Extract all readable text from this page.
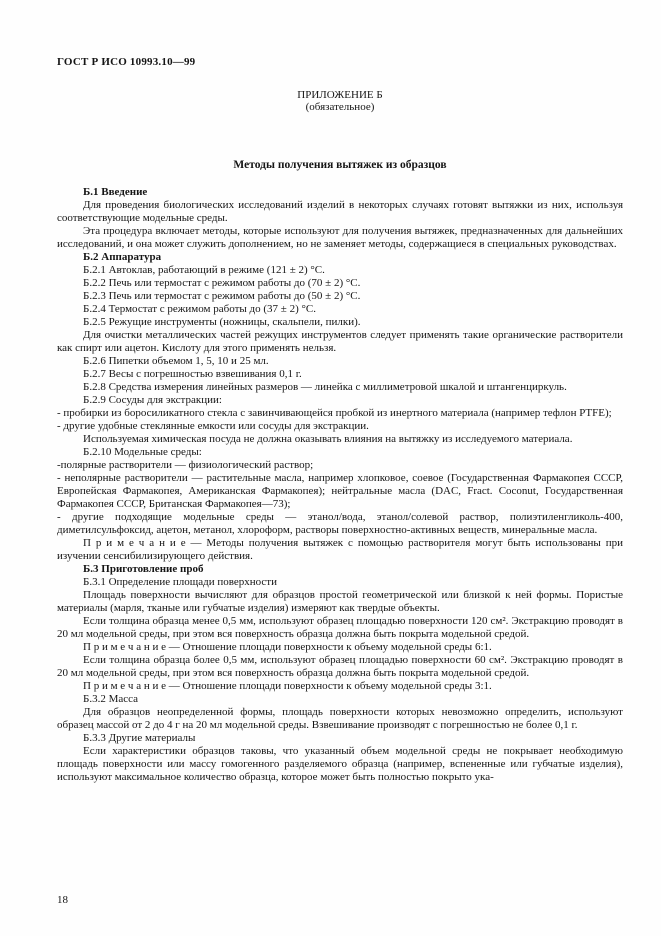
ГОСТ Р ИСО 10993.10—99

ПРИЛОЖЕНИЕ Б

(обязательное)

Методы получения вытяжек из образцов

Б.1 Введение

Для проведения биологических исследований изделий в некоторых случаях готовят вытяжки из них, используя соответствующие модельные среды.

Эта процедура включает методы, которые используют для получения вытяжек, предназначенных для дальнейших исследований, и она может служить дополнением, но не заменяет методы, содержащиеся в специальных руководствах.

Б.2 Аппаратура

Б.2.1 Автоклав, работающий в режиме (121 ± 2) °С.

Б.2.2 Печь или термостат с режимом работы до (70 ± 2) °С.

Б.2.3 Печь или термостат с режимом работы до (50 ± 2) °С.

Б.2.4 Термостат с режимом работы до (37 ± 2) °С.

Б.2.5 Режущие инструменты (ножницы, скальпели, пилки).

Для очистки металлических частей режущих инструментов следует применять такие органические растворители как спирт или ацетон. Кислоту для этого применять нельзя.

Б.2.6 Пипетки объемом 1, 5, 10 и 25 мл.

Б.2.7 Весы с погрешностью взвешивания 0,1 г.

Б.2.8 Средства измерения линейных размеров — линейка с миллиметровой шкалой и штангенциркуль.

Б.2.9 Сосуды для экстракции:

- пробирки из боросиликатного стекла с завинчивающейся пробкой из инертного материала (например тефлон PTFE);

- другие удобные стеклянные емкости или сосуды для экстракции.

Используемая химическая посуда не должна оказывать влияния на вытяжку из исследуемого материала.

Б.2.10 Модельные среды:

-полярные растворители — физиологический раствор;

- неполярные растворители — растительные масла, например хлопковое, соевое (Государственная Фармакопея СССР, Европейская Фармакопея, Американская Фармакопея); нейтральные масла (DAC, Fract. Coconut, Государственная Фармакопея СССР, Британская Фармакопея—73);

- другие подходящие модельные среды — этанол/вода, этанол/солевой раствор, полиэтиленгликоль-400, диметилсульфоксид, ацетон, метанол, хлороформ, растворы поверхностно-активных веществ, минеральные масла.

П р и м е ч а н и е — Методы получения вытяжек с помощью растворителя могут быть использованы при изучении сенсибилизирующего действия.

Б.3 Приготовление проб

Б.3.1 Определение площади поверхности

Площадь поверхности вычисляют для образцов простой геометрической или близкой к ней формы. Пористые материалы (марля, тканые или губчатые изделия) измеряют как твердые объекты.

Если толщина образца менее 0,5 мм, используют образец площадью поверхности 120 см². Экстракцию проводят в 20 мл модельной среды, при этом вся поверхность образца должна быть покрыта модельной средой.

П р и м е ч а н и е — Отношение площади поверхности к объему модельной среды 6:1.

Если толщина образца более 0,5 мм, используют образец площадью поверхности 60 см². Экстракцию проводят в 20 мл модельной среды, при этом вся поверхность образца должна быть покрыта модельной средой.

П р и м е ч а н и е — Отношение площади поверхности к объему модельной среды 3:1.

Б.3.2 Масса

Для образцов неопределенной формы, площадь поверхности которых невозможно определить, используют образец массой от 2 до 4 г на 20 мл модельной среды. Взвешивание производят с погрешностью не более 0,1 г.

Б.3.3 Другие материалы

Если характеристики образцов таковы, что указанный объем модельной среды не покрывает необходимую площадь поверхности или массу гомогенного разделяемого образца (например, вспененные или губчатые изделия), используют максимальное количество образца, которое может быть полностью покрыто ука-

18
